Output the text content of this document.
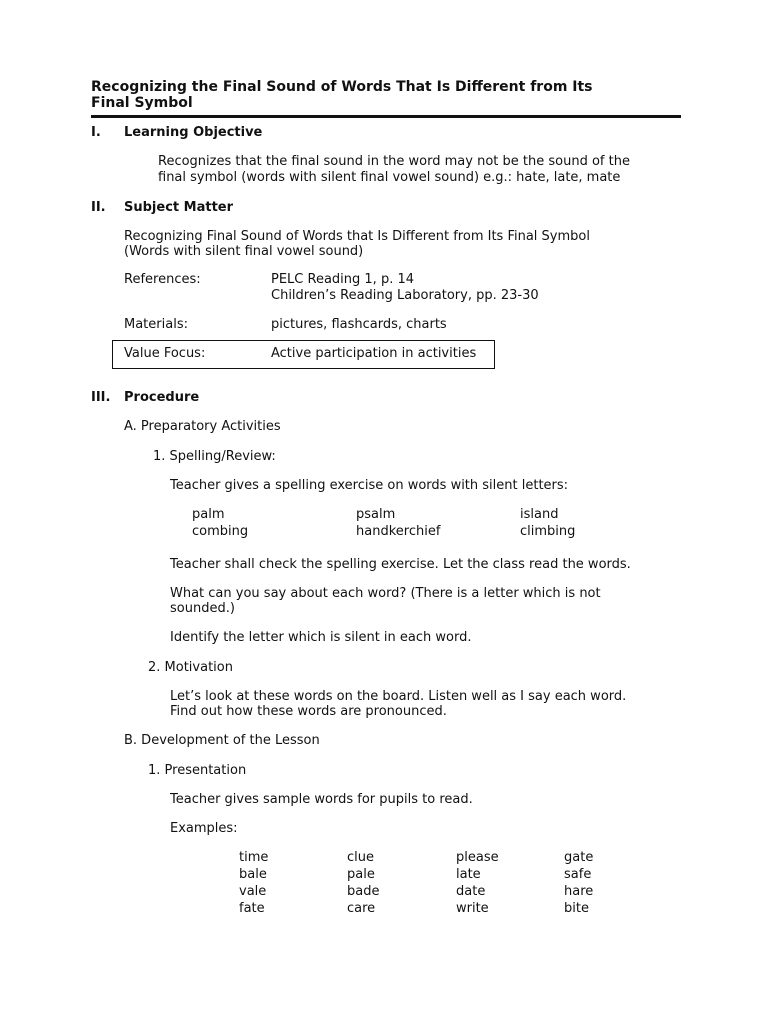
Recognizing the Final Sound of Words That Is Different from Its
Final Symbol
I. Learning Objective
Recognizes that the final sound in the word may not be the sound of the
final symbol (words with silent final vowel sound) e.g.: hate, late, mate
II. Subject Matter
Recognizing Final Sound of Words that Is Different from Its Final Symbol
(Words with silent final vowel sound)
References:	PELC Reading 1, p. 14
Children’s Reading Laboratory, pp. 23-30
Materials:	pictures, flashcards, charts
Value Focus:	Active participation in activities
III. Procedure
A. Preparatory Activities
1. Spelling/Review:
Teacher gives a spelling exercise on words with silent letters:
palm	psalm	island
combing	handkerchief	climbing
Teacher shall check the spelling exercise. Let the class read the words.
What can you say about each word? (There is a letter which is not
sounded.)
Identify the letter which is silent in each word.
2. Motivation
Let’s look at these words on the board. Listen well as I say each word.
Find out how these words are pronounced.
B. Development of the Lesson
1. Presentation
Teacher gives sample words for pupils to read.
Examples:
time	clue	please	gate
bale	pale	late	safe
vale	bade	date	hare
fate	care	write	bite
